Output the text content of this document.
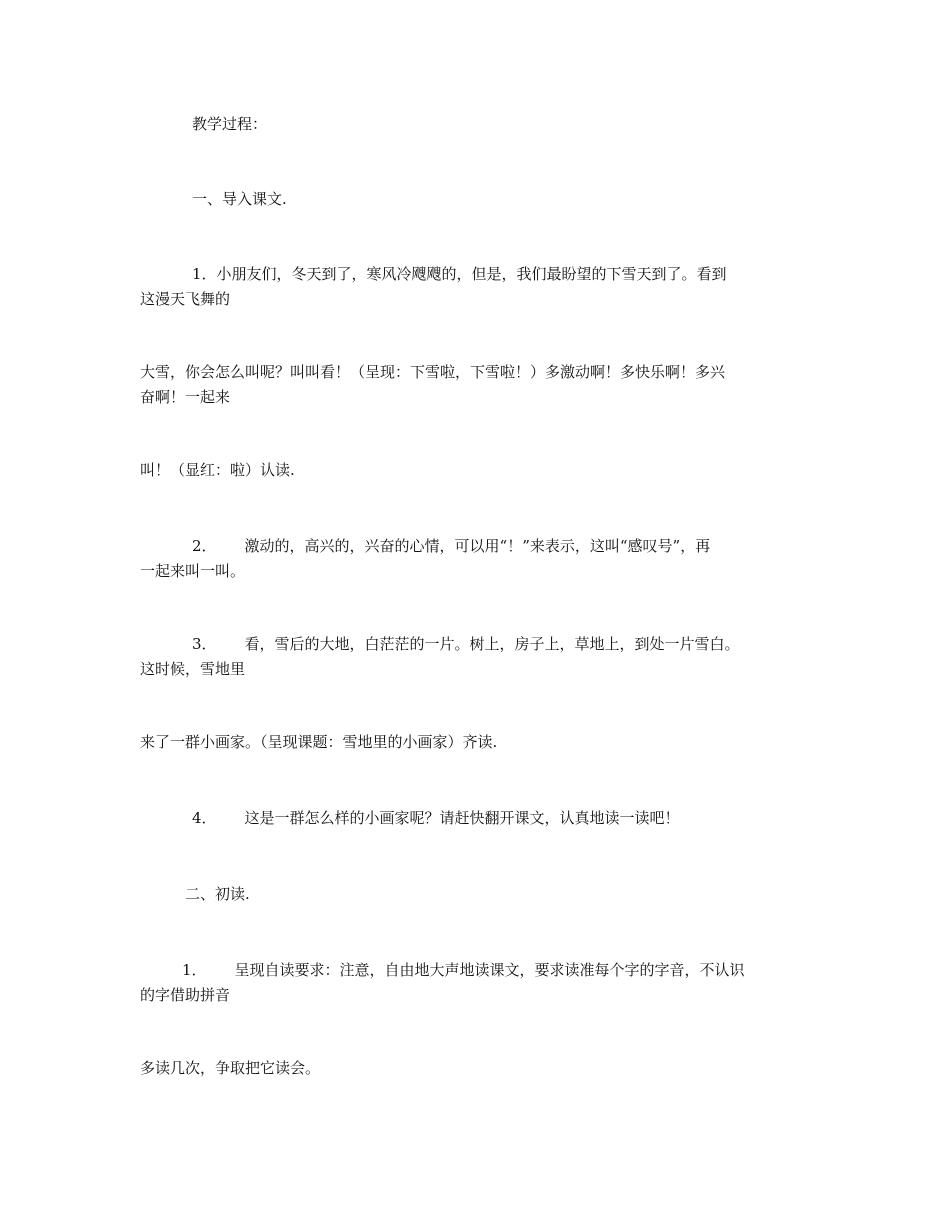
教学过程：

一、导入课文.

1．小朋友们，冬天到了，寒风冷飕飕的，但是，我们最盼望的下雪天到了。看到
这漫天飞舞的

大雪，你会怎么叫呢？叫叫看！（呈现：下雪啦，下雪啦！）多激动啊！多快乐啊！多兴
奋啊！一起来

叫！（显红：啦）认读.

2． 激动的，高兴的，兴奋的心情，可以用“！”来表示，这叫“感叹号”，再
一起来叫一叫。

3． 看，雪后的大地，白茫茫的一片。树上，房子上，草地上，到处一片雪白。
这时候，雪地里

来了一群小画家。（呈现课题：雪地里的小画家）齐读.

4． 这是一群怎么样的小画家呢？请赶快翻开课文，认真地读一读吧！

二、初读.

1． 呈现自读要求：注意，自由地大声地读课文，要求读准每个字的字音，不认识
的字借助拼音

多读几次，争取把它读会。
